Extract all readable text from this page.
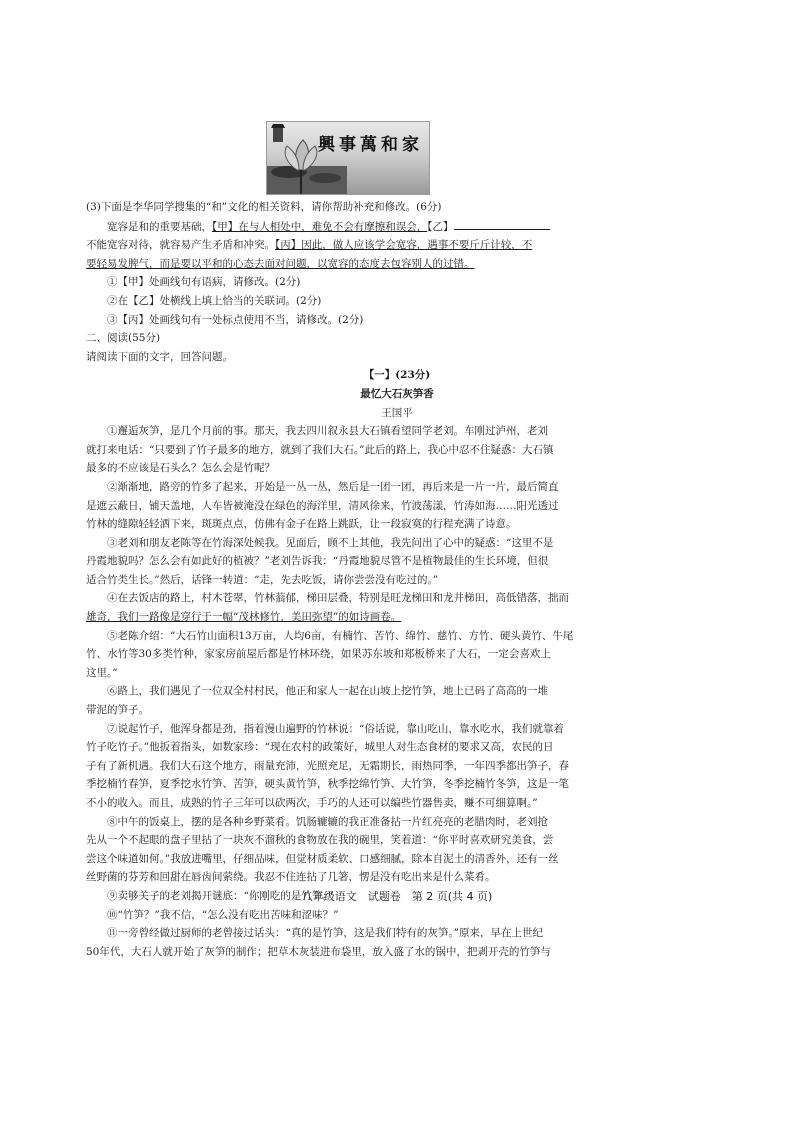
興事萬和家
(3)下面是李华同学搜集的“和”文化的相关资料，请你帮助补充和修改。(6分)
宽容是和的重要基础，【甲】在与人相处中，难免不会有摩擦和误会，【乙】
不能宽容对待，就容易产生矛盾和冲突。【丙】因此，做人应该学会宽容，遇事不要斤斤计较，不
要轻易发脾气，而是要以平和的心态去面对问题，以宽容的态度去包容别人的过错。
①【甲】处画线句有语病，请修改。(2分)
②在【乙】处横线上填上恰当的关联词。(2分)
③【丙】处画线句有一处标点使用不当，请修改。(2分)
二、阅读(55分)
请阅读下面的文字，回答问题。
【一】(23分)
最忆大石灰笋香
王国平
①邂逅灰笋，是几个月前的事。那天，我去四川叙永县大石镇看望同学老刘。车刚过泸州，老刘
就打来电话：“只要到了竹子最多的地方，就到了我们大石。”此后的路上，我心中忍不住疑惑：大石镇
最多的不应该是石头么？怎么会是竹呢？
②渐渐地，路旁的竹多了起来，开始是一丛一丛，然后是一团一团，再后来是一片一片，最后简直
是遮云蔽日，铺天盖地，人车皆被淹没在绿色的海洋里，清风徐来，竹波荡漾，竹涛如海……阳光透过
竹林的缝隙轻轻洒下来，斑斑点点，仿佛有金子在路上跳跃，让一段寂寞的行程充满了诗意。
③老刘和朋友老陈等在竹海深处候我。见面后，顾不上其他，我先问出了心中的疑惑：“这里不是
丹霞地貌吗？怎么会有如此好的植被？”老刘告诉我：“丹霞地貌尽管不是植物最佳的生长环境，但很
适合竹类生长。”然后，话锋一转道：“走，先去吃饭，请你尝尝没有吃过的。”
④在去饭店的路上，村木苍翠，竹林蓊郁，梯田层叠，特别是旺龙梯田和龙井梯田，高低错落，拙而
雄奇，我们一路像是穿行于一幅“茂林修竹，美田弥望”的如诗画卷。
⑤老陈介绍：“大石竹山面积13万亩，人均6亩，有楠竹、苦竹、绵竹、慈竹、方竹、硬头黄竹、牛尾
竹、水竹等30多类竹种，家家房前屋后都是竹林环绕，如果苏东坡和郑板桥来了大石，一定会喜欢上
这里。”
⑥路上，我们遇见了一位双全村村民，他正和家人一起在山坡上挖竹笋，地上已码了高高的一堆
带泥的笋子。
⑦说起竹子，他浑身都是劲，指着漫山遍野的竹林说：“俗话说，靠山吃山，靠水吃水，我们就靠着
竹子吃竹子。”他扳着指头，如数家珍：“现在农村的政策好，城里人对生态食材的要求又高，农民的日
子有了新机遇。我们大石这个地方，雨量充沛，光照充足，无霜期长，雨热同季，一年四季都出笋子，春
季挖楠竹春笋，夏季挖水竹笋、苦笋，硬头黄竹笋，秋季挖绵竹笋、大竹笋，冬季挖楠竹冬笋，这是一笔
不小的收入。而且，成熟的竹子三年可以砍两次，手巧的人还可以编些竹器售卖，赚不可细算啊。”
⑧中午的饭桌上，摆的是各种乡野菜肴。饥肠辘辘的我正准备拈一片红亮亮的老腊肉时，老刘抢
先从一个不起眼的盘子里拈了一块灰不溜秋的食物放在我的碗里，笑着道：“你平时喜欢研究美食，尝
尝这个味道如何。”我放进嘴里，仔细品味，但觉材质柔软、口感细腻，除本自泥土的清香外，还有一丝
丝野菌的芬芳和回甜在唇齿间萦绕。我忍不住连拈了几箸，愣是没有吃出来是什么菜肴。
⑨卖够关子的老刘揭开谜底：“你刚吃的是竹笋。”
⑩“竹笋？”我不信，“怎么没有吃出苦味和涩味？”
⑪一旁曾经做过厨师的老曾接过话头：“真的是竹笋，这是我们特有的灰笋。”原来，早在上世纪
50年代，大石人就开始了灰笋的制作；把草木灰装进布袋里，放入盛了水的锅中，把剥开壳的竹笋与
八年级语文　试题卷　第 2 页(共 4 页)
